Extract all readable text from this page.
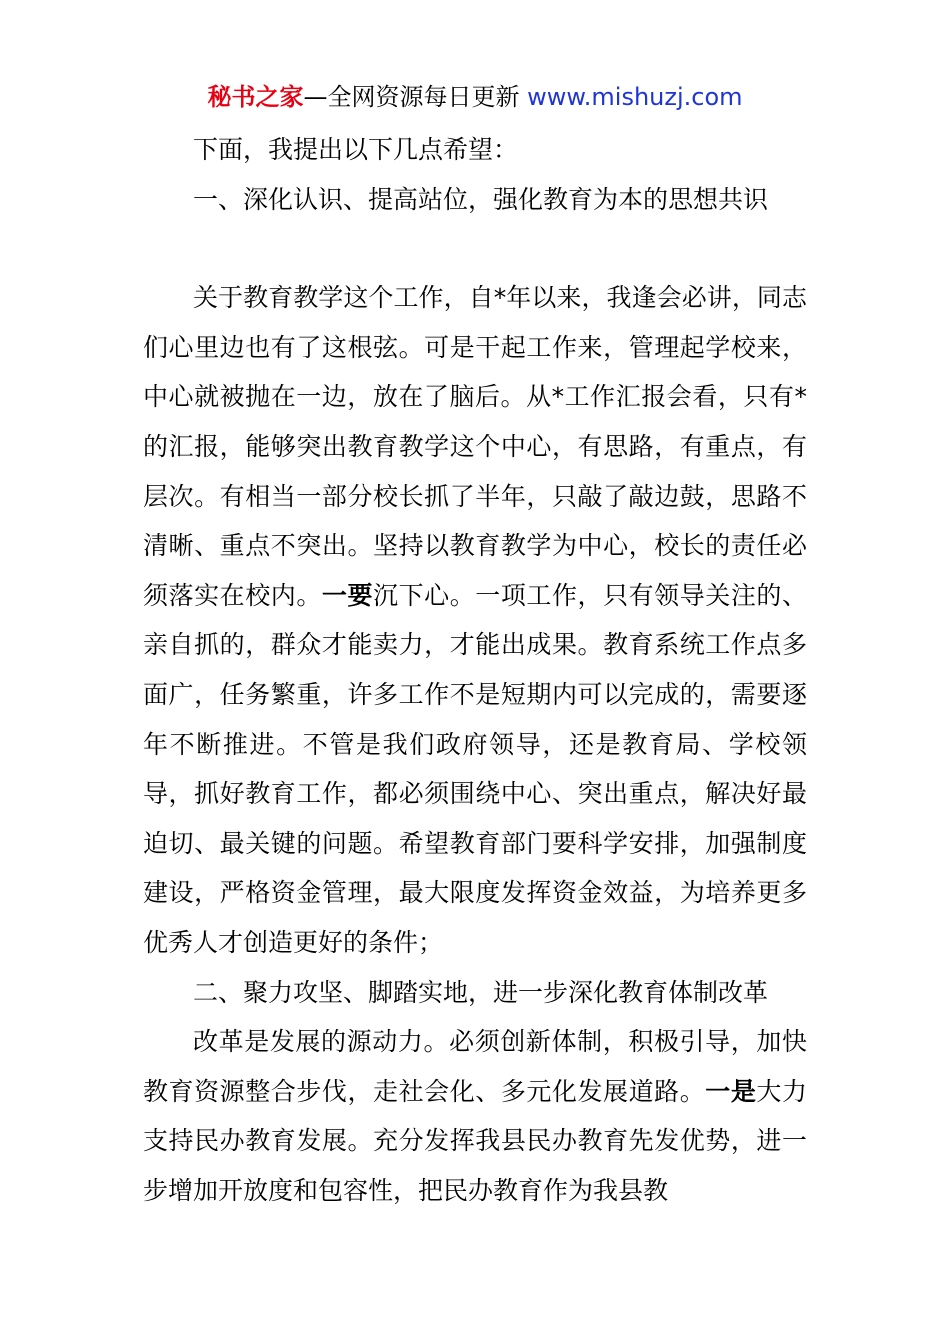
秘书之家—全网资源每日更新 www.mishuzj.com

下面，我提出以下几点希望：

一、深化认识、提高站位，强化教育为本的思想共识

关于教育教学这个工作，自*年以来，我逢会必讲，同志们心里边也有了这根弦。可是干起工作来，管理起学校来，中心就被抛在一边，放在了脑后。从*工作汇报会看，只有*的汇报，能够突出教育教学这个中心，有思路，有重点，有层次。有相当一部分校长抓了半年，只敲了敲边鼓，思路不清晰、重点不突出。坚持以教育教学为中心，校长的责任必须落实在校内。一要沉下心。一项工作，只有领导关注的、亲自抓的，群众才能卖力，才能出成果。教育系统工作点多面广，任务繁重，许多工作不是短期内可以完成的，需要逐年不断推进。不管是我们政府领导，还是教育局、学校领导，抓好教育工作，都必须围绕中心、突出重点，解决好最迫切、最关键的问题。希望教育部门要科学安排，加强制度建设，严格资金管理，最大限度发挥资金效益，为培养更多优秀人才创造更好的条件；

二、聚力攻坚、脚踏实地，进一步深化教育体制改革

改革是发展的源动力。必须创新体制，积极引导，加快教育资源整合步伐，走社会化、多元化发展道路。一是大力支持民办教育发展。充分发挥我县民办教育先发优势，进一步增加开放度和包容性，把民办教育作为我县教
